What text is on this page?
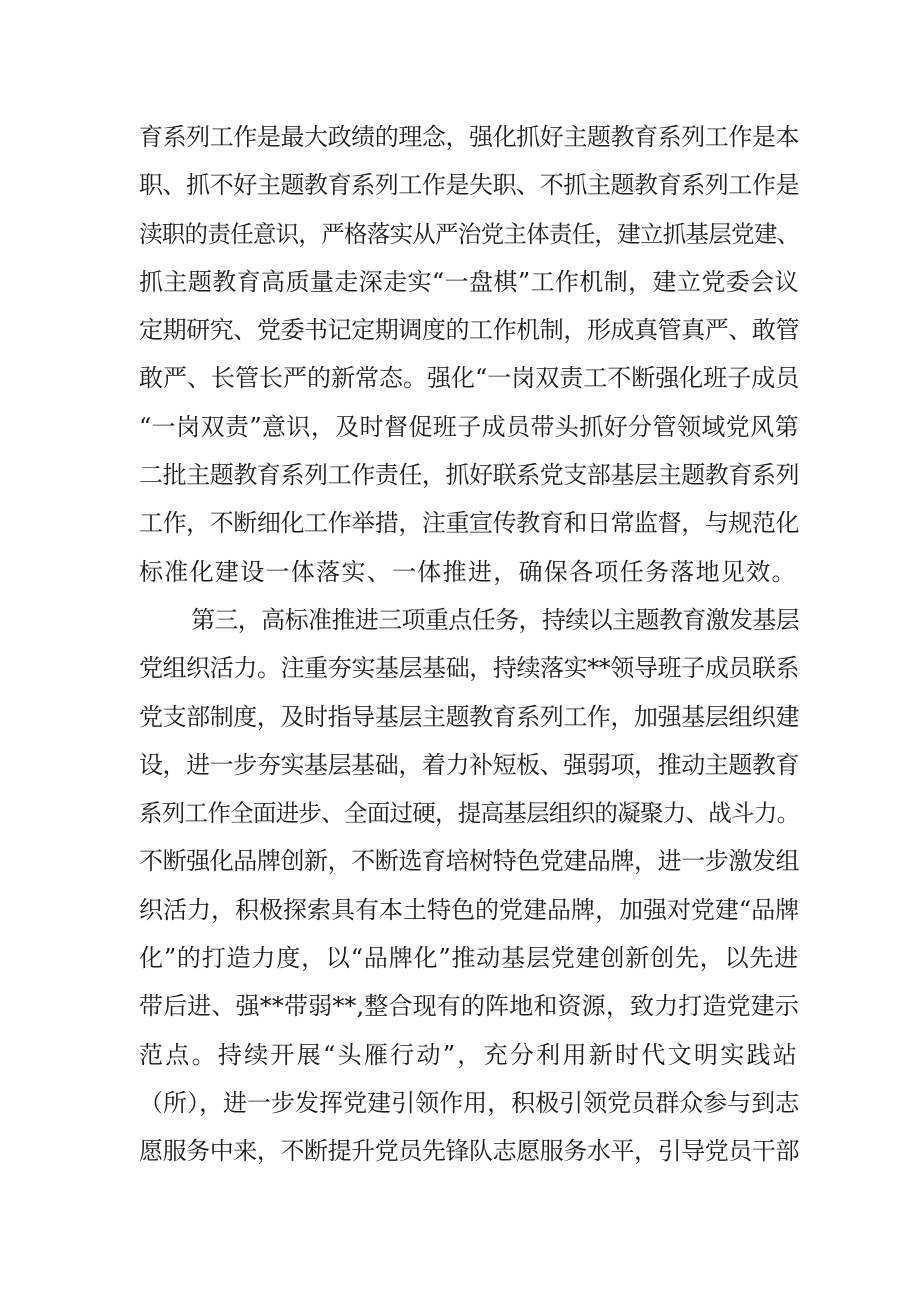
育系列工作是最大政绩的理念，强化抓好主题教育系列工作是本
职、抓不好主题教育系列工作是失职、不抓主题教育系列工作是
渎职的责任意识，严格落实从严治党主体责任，建立抓基层党建、
抓主题教育高质量走深走实“一盘棋”工作机制，建立党委会议
定期研究、党委书记定期调度的工作机制，形成真管真严、敢管
敢严、长管长严的新常态。强化“一岗双责工不断强化班子成员
“一岗双责”意识，及时督促班子成员带头抓好分管领域党风第
二批主题教育系列工作责任，抓好联系党支部基层主题教育系列
工作，不断细化工作举措，注重宣传教育和日常监督，与规范化
标准化建设一体落实、一体推进，确保各项任务落地见效。
第三，高标准推进三项重点任务，持续以主题教育激发基层
党组织活力。注重夯实基层基础，持续落实**领导班子成员联系
党支部制度，及时指导基层主题教育系列工作，加强基层组织建
设，进一步夯实基层基础，着力补短板、强弱项，推动主题教育
系列工作全面进步、全面过硬，提高基层组织的凝聚力、战斗力。
不断强化品牌创新，不断选育培树特色党建品牌，进一步激发组
织活力，积极探索具有本土特色的党建品牌，加强对党建“品牌
化”的打造力度，以“品牌化”推动基层党建创新创先，以先进
带后进、强**带弱**,整合现有的阵地和资源，致力打造党建示
范点。持续开展“头雁行动”，充分利用新时代文明实践站
（所），进一步发挥党建引领作用，积极引领党员群众参与到志
愿服务中来，不断提升党员先锋队志愿服务水平，引导党员干部
